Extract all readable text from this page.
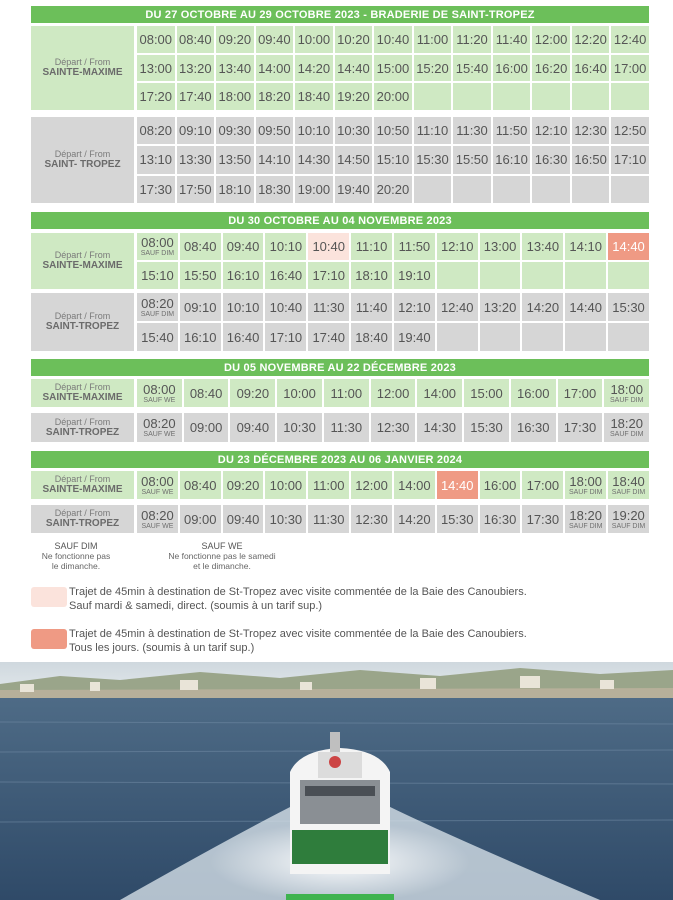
DU 27 OCTOBRE AU 29 OCTOBRE 2023 - BRADERIE DE SAINT-TROPEZ
Départ / From
SAINTE-MAXIME
08:00 08:40 09:20 09:40 10:00 10:20 10:40 11:00 11:20 11:40 12:00 12:20 12:40
13:00 13:20 13:40 14:00 14:20 14:40 15:00 15:20 15:40 16:00 16:20 16:40 17:00
17:20 17:40 18:00 18:20 18:40 19:20 20:00
Départ / From
SAINT- TROPEZ
08:20 09:10 09:30 09:50 10:10 10:30 10:50 11:10 11:30 11:50 12:10 12:30 12:50
13:10 13:30 13:50 14:10 14:30 14:50 15:10 15:30 15:50 16:10 16:30 16:50 17:10
17:30 17:50 18:10 18:30 19:00 19:40 20:20
DU 30 OCTOBRE AU 04 NOVEMBRE 2023
Départ / From
SAINTE-MAXIME
08:00
SAUF DIM 08:40 09:40 10:10 10:40 11:10 11:50 12:10 13:00 13:40 14:10 14:40
15:10 15:50 16:10 16:40 17:10 18:10 19:10
Départ / From
SAINT-TROPEZ
08:20
SAUF DIM 09:10 10:10 10:40 11:30 11:40 12:10 12:40 13:20 14:20 14:40 15:30
15:40 16:10 16:40 17:10 17:40 18:40 19:40
DU 05 NOVEMBRE AU 22 DÉCEMBRE 2023
Départ / From
SAINTE-MAXIME
08:00
SAUF WE 08:40 09:20 10:00 11:00 12:00 14:00 15:00 16:00 17:00 18:00
SAUF DIM
Départ / From
SAINT-TROPEZ
08:20
SAUF WE 09:00 09:40 10:30 11:30 12:30 14:30 15:30 16:30 17:30 18:20
SAUF DIM
DU 23 DÉCEMBRE 2023 AU 06 JANVIER 2024
Départ / From
SAINTE-MAXIME
08:00
SAUF WE 08:40 09:20 10:00 11:00 12:00 14:00 14:40 16:00 17:00 18:00
SAUF DIM
18:40
SAUF DIM
Départ / From
SAINT-TROPEZ
08:20
SAUF WE 09:00 09:40 10:30 11:30 12:30 14:20 15:30 16:30 17:30 18:20
SAUF DIM
19:20
SAUF DIM
SAUF DIM
Ne fonctionne pas
le dimanche.
SAUF WE
Ne fonctionne pas le samedi
et le dimanche.
Trajet de 45min à destination de St-Tropez avec visite commentée de la Baie des Canoubiers.
Sauf mardi & samedi, direct. (soumis à un tarif sup.)
Trajet de 45min à destination de St-Tropez avec visite commentée de la Baie des Canoubiers.
Tous les jours. (soumis à un tarif sup.)
